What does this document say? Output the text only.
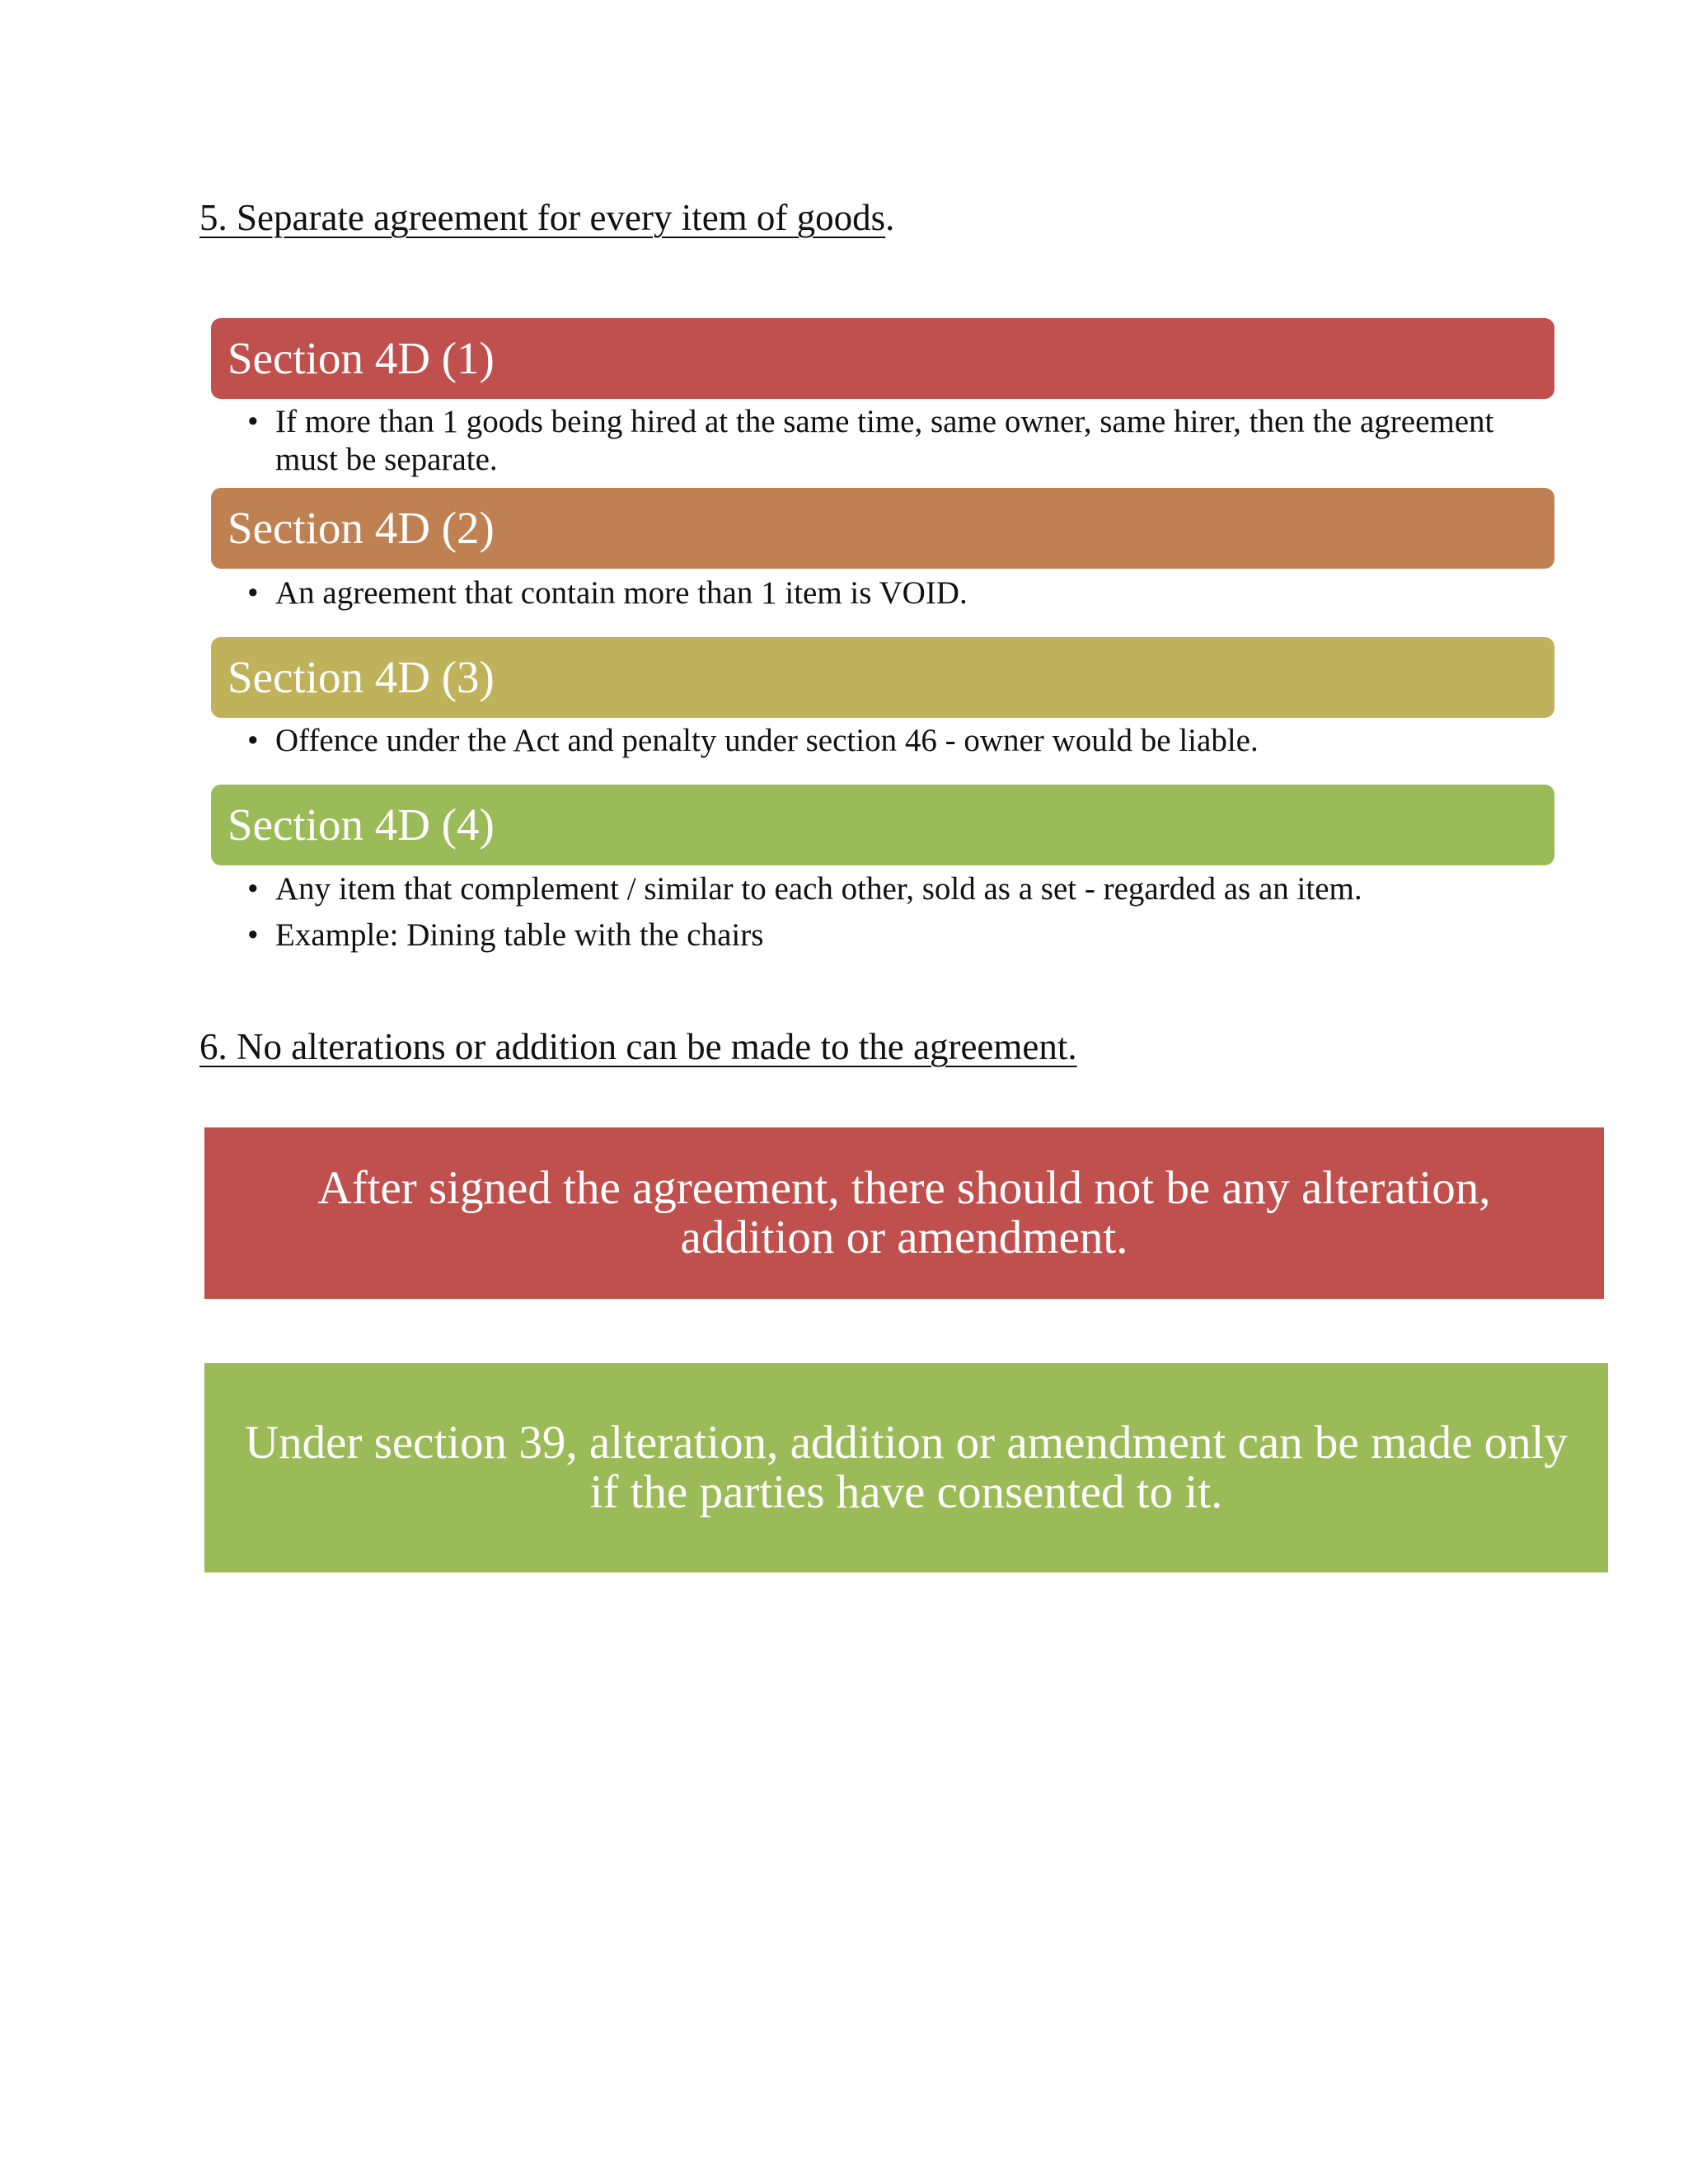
5. Separate agreement for every item of goods.
Section 4D (1)
• If more than 1 goods being hired at the same time, same owner, same hirer, then the agreement must be separate.
Section 4D (2)
• An agreement that contain more than 1 item is VOID.
Section 4D (3)
• Offence under the Act and penalty under section 46 - owner would be liable.
Section 4D (4)
• Any item that complement / similar to each other, sold as a set - regarded as an item.
• Example: Dining table with the chairs
6. No alterations or addition can be made to the agreement.
After signed the agreement, there should not be any alteration, addition or amendment.
Under section 39, alteration, addition or amendment can be made only if the parties have consented to it.
